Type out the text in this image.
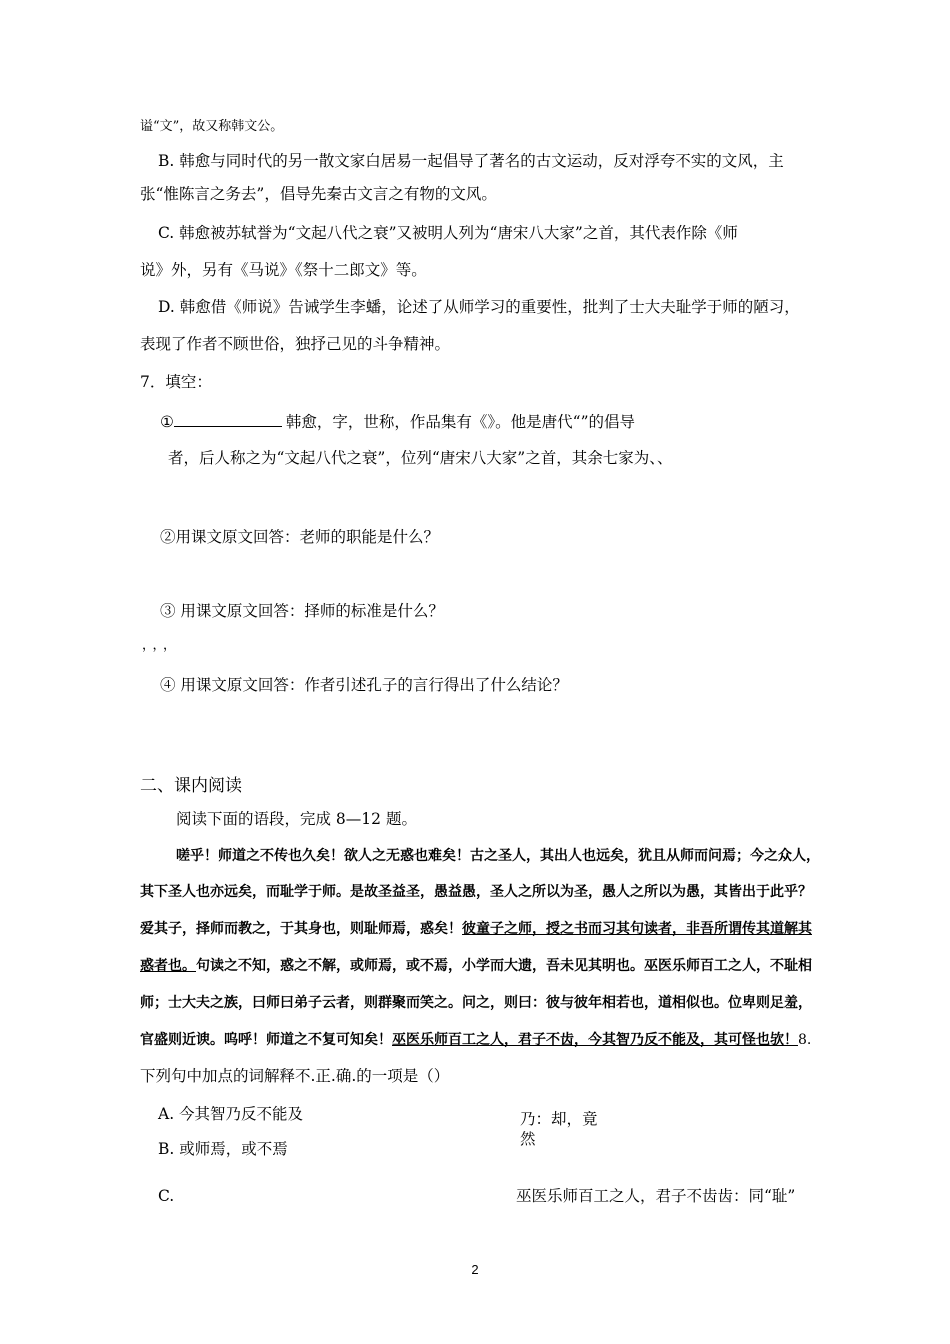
谥“文”，故又称韩文公。
B. 韩愈与同时代的另一散文家白居易一起倡导了著名的古文运动，反对浮夸不实的文风，主
张“惟陈言之务去”，倡导先秦古文言之有物的文风。
C. 韩愈被苏轼誉为“文起八代之衰”又被明人列为“唐宋八大家”之首，其代表作除《师
说》外，另有《马说》《祭十二郎文》等。
D. 韩愈借《师说》告诫学生李蟠，论述了从师学习的重要性，批判了士大夫耻学于师的陋习，
表现了作者不顾世俗，独抒己见的斗争精神。
7．填空：
①	韩愈，字，世称，作品集有《》。他是唐代“”的倡导
者，后人称之为“文起八代之衰”，位列“唐宋八大家”之首，其余七家为、、
②用课文原文回答：老师的职能是什么？
③ 用课文原文回答：择师的标准是什么？
，，，
④ 用课文原文回答：作者引述孔子的言行得出了什么结论？
二、课内阅读
阅读下面的语段，完成 8—12 题。
嗟乎！师道之不传也久矣！欲人之无惑也难矣！古之圣人，其出人也远矣，犹且从师而问焉；今之众人，
其下圣人也亦远矣，而耻学于师。是故圣益圣，愚益愚，圣人之所以为圣，愚人之所以为愚，其皆出于此乎？
爱其子，择师而教之，于其身也，则耻师焉，惑矣！彼童子之师，授之书而习其句读者，非吾所谓传其道解其
惑者也。句读之不知，惑之不解，或师焉，或不焉，小学而大遗，吾未见其明也。巫医乐师百工之人，不耻相
师；士大夫之族，曰师曰弟子云者，则群聚而笑之。问之，则曰：彼与彼年相若也，道相似也。位卑则足羞，
官盛则近谀。呜呼！师道之不复可知矣！巫医乐师百工之人，君子不齿，今其智乃反不能及，其可怪也欤！8.
下列句中加点的词解释不.正.确.的一项是（）
A. 今其智乃反不能及	乃：却，竟
然
B. 或师焉，或不焉
C.	巫医乐师百工之人，君子不齿齿：同“耻”
2
